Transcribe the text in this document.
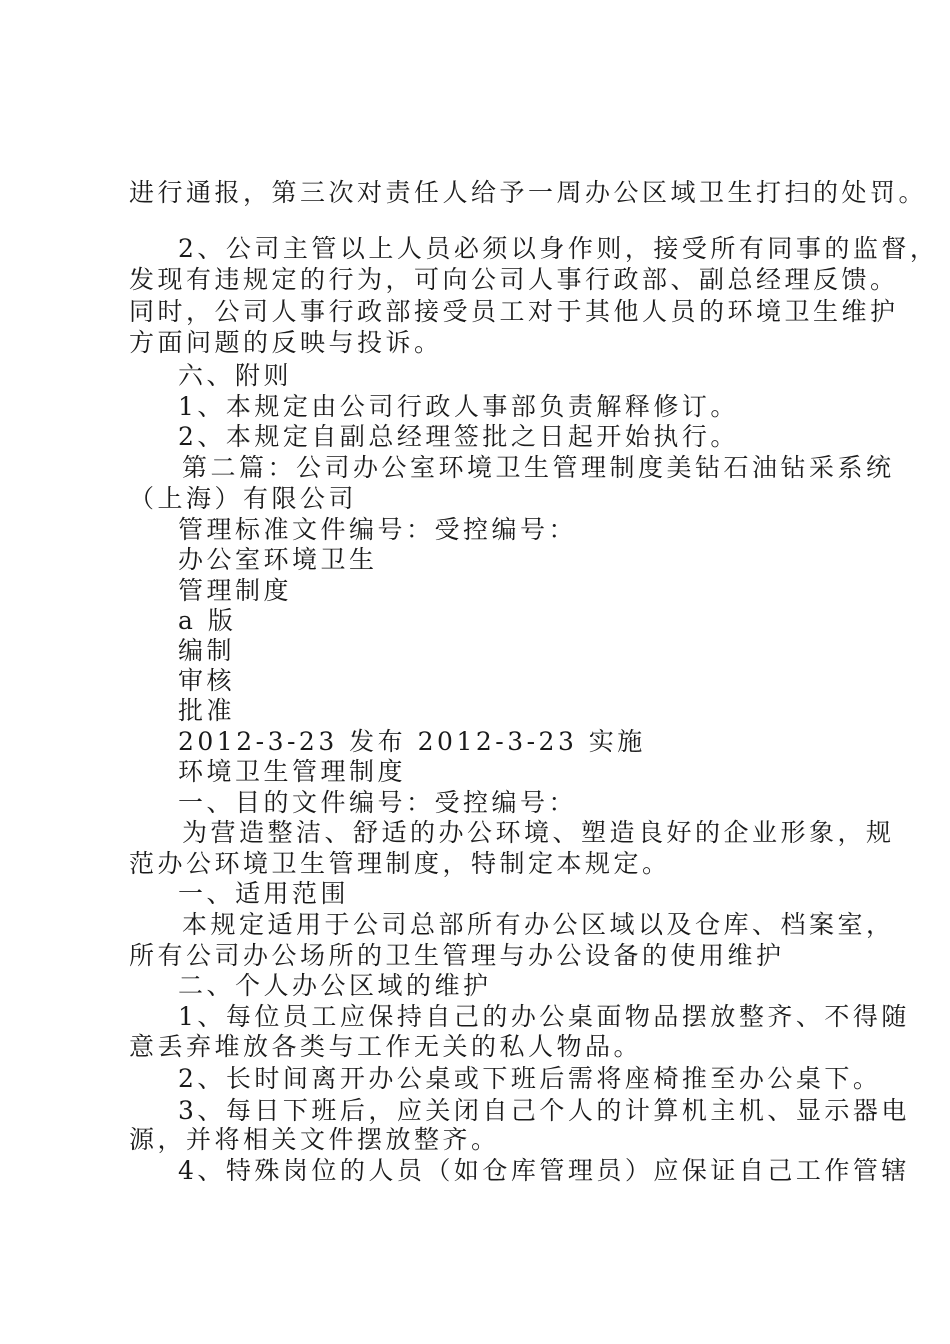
进行通报，第三次对责任人给予一周办公区域卫生打扫的处罚。
2、公司主管以上人员必须以身作则，接受所有同事的监督，
发现有违规定的行为，可向公司人事行政部、副总经理反馈。
同时，公司人事行政部接受员工对于其他人员的环境卫生维护
方面问题的反映与投诉。
六、附则
1、本规定由公司行政人事部负责解释修订。
2、本规定自副总经理签批之日起开始执行。
第二篇：公司办公室环境卫生管理制度美钻石油钻采系统
（上海）有限公司
管理标准文件编号：受控编号：
办公室环境卫生
管理制度
a 版
编制
审核
批准
2012-3-23 发布 2012-3-23 实施
环境卫生管理制度
一、目的文件编号：受控编号：
为营造整洁、舒适的办公环境、塑造良好的企业形象，规
范办公环境卫生管理制度，特制定本规定。
一、适用范围
本规定适用于公司总部所有办公区域以及仓库、档案室，
所有公司办公场所的卫生管理与办公设备的使用维护
二、个人办公区域的维护
1、每位员工应保持自己的办公桌面物品摆放整齐、不得随
意丢弃堆放各类与工作无关的私人物品。
2、长时间离开办公桌或下班后需将座椅推至办公桌下。
3、每日下班后，应关闭自己个人的计算机主机、显示器电
源，并将相关文件摆放整齐。
4、特殊岗位的人员（如仓库管理员）应保证自己工作管辖
